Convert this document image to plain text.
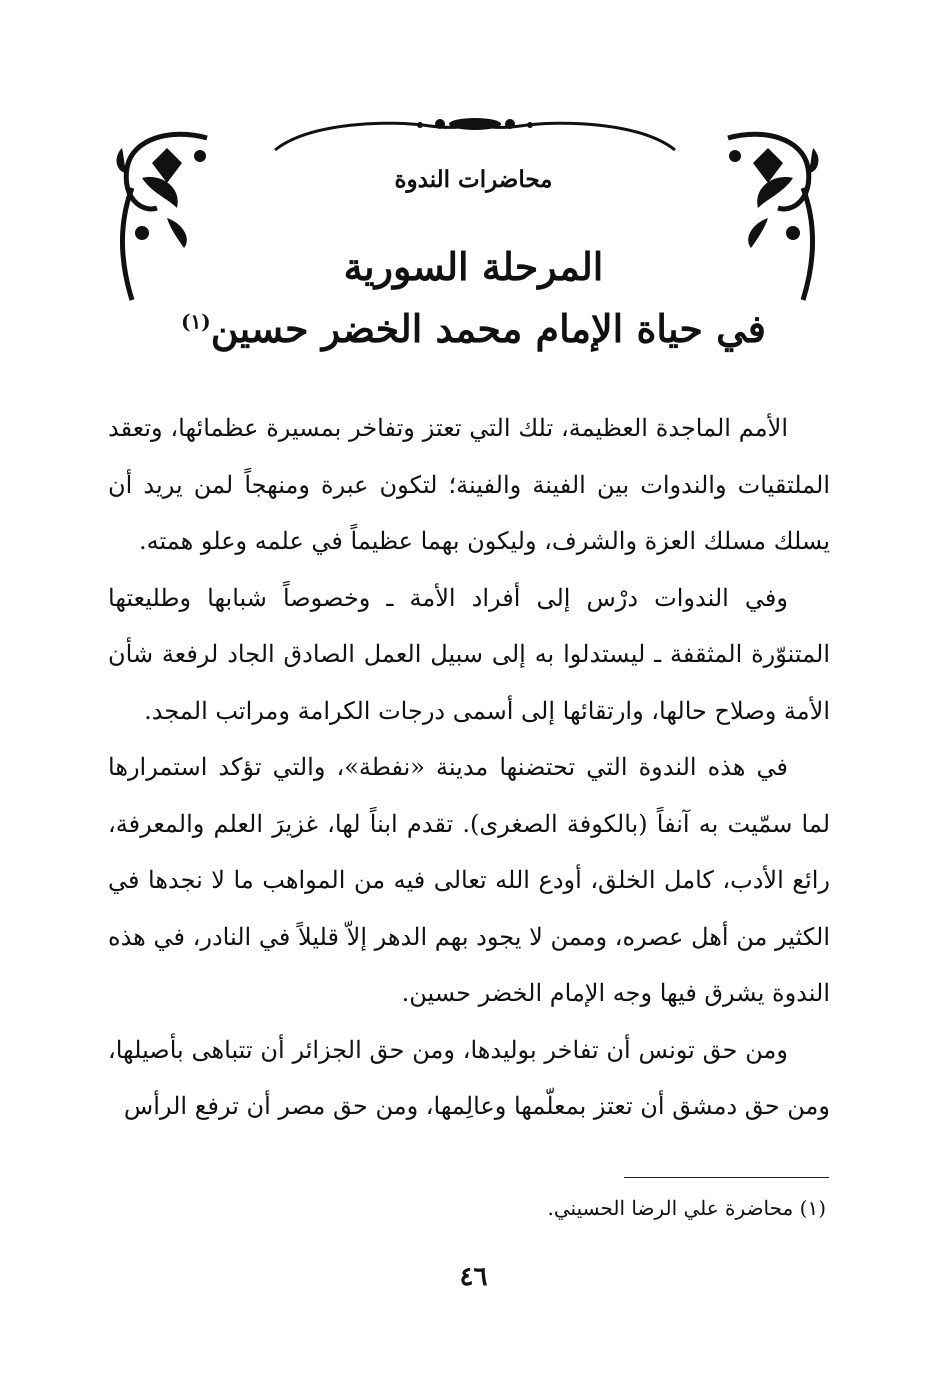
محاضرات الندوة
المرحلة السورية
في حياة الإمام محمد الخضر حسين$^{(١)}$

الأمم الماجدة العظيمة، تلك التي تعتز وتفاخر بمسيرة عظمائها، وتعقد الملتقيات والندوات بين الفينة والفينة؛ لتكون عبرة ومنهجاً لمن يريد أن يسلك مسلك العزة والشرف، وليكون بهما عظيماً في علمه وعلو همته.

وفي الندوات درْس إلى أفراد الأمة ـ وخصوصاً شبابها وطليعتها المتنوّرة المثقفة ـ ليستدلوا به إلى سبيل العمل الصادق الجاد لرفعة شأن الأمة وصلاح حالها، وارتقائها إلى أسمى درجات الكرامة ومراتب المجد.

في هذه الندوة التي تحتضنها مدينة «نفطة»، والتي تؤكد استمرارها لما سمّيت به آنفاً (بالكوفة الصغرى). تقدم ابناً لها، غزيرَ العلم والمعرفة، رائع الأدب، كامل الخلق، أودع الله تعالى فيه من المواهب ما لا نجدها في الكثير من أهل عصره، وممن لا يجود بهم الدهر إلاّ قليلاً في النادر، في هذه الندوة يشرق فيها وجه الإمام الخضر حسين.

ومن حق تونس أن تفاخر بوليدها، ومن حق الجزائر أن تتباهى بأصيلها، ومن حق دمشق أن تعتز بمعلّمها وعالِمها، ومن حق مصر أن ترفع الرأس

(١) محاضرة علي الرضا الحسيني.
٤٦
